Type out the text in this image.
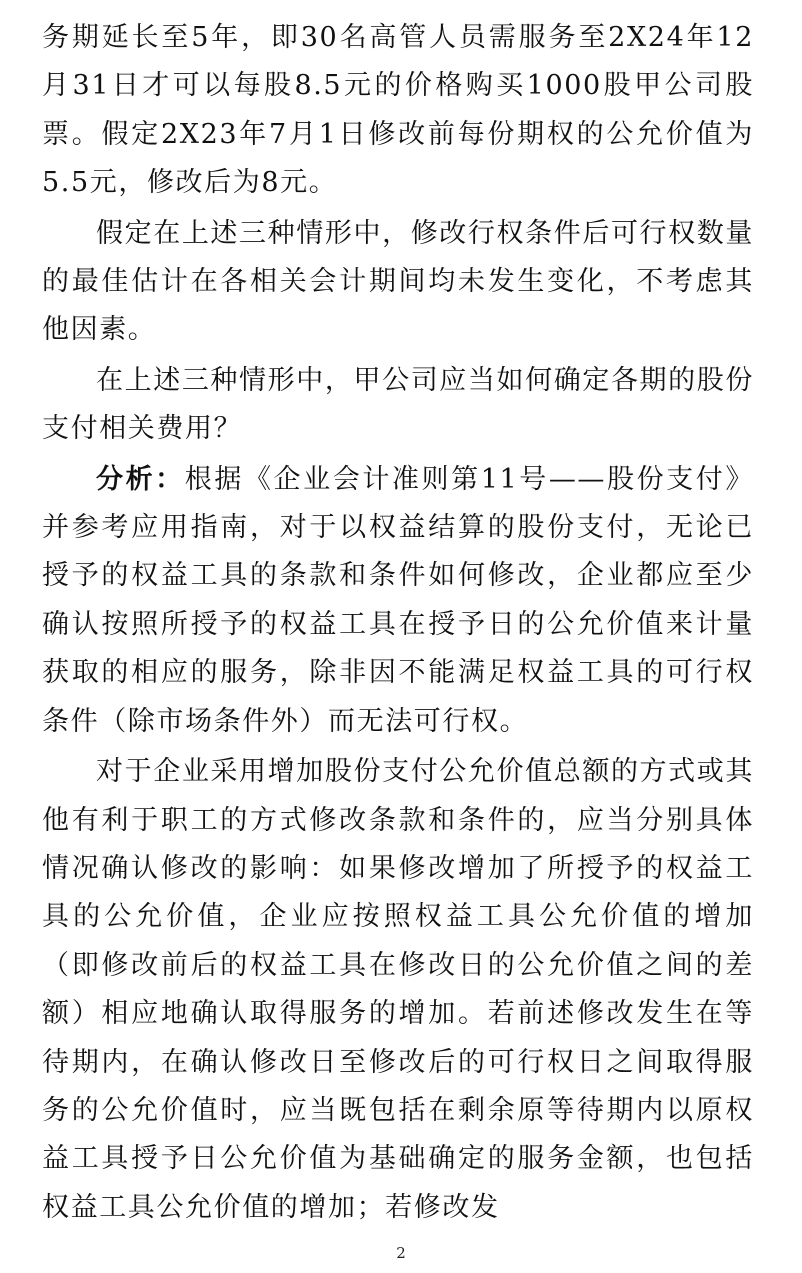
务期延长至5年，即30名高管人员需服务至2X24年12月31日才可以每股8.5元的价格购买1000股甲公司股票。假定2X23年7月1日修改前每份期权的公允价值为5.5元，修改后为8元。

假定在上述三种情形中，修改行权条件后可行权数量的最佳估计在各相关会计期间均未发生变化，不考虑其他因素。

在上述三种情形中，甲公司应当如何确定各期的股份支付相关费用？

分析：根据《企业会计准则第11号——股份支付》并参考应用指南，对于以权益结算的股份支付，无论已授予的权益工具的条款和条件如何修改，企业都应至少确认按照所授予的权益工具在授予日的公允价值来计量获取的相应的服务，除非因不能满足权益工具的可行权条件（除市场条件外）而无法可行权。

对于企业采用增加股份支付公允价值总额的方式或其他有利于职工的方式修改条款和条件的，应当分别具体情况确认修改的影响：如果修改增加了所授予的权益工具的公允价值，企业应按照权益工具公允价值的增加（即修改前后的权益工具在修改日的公允价值之间的差额）相应地确认取得服务的增加。若前述修改发生在等待期内，在确认修改日至修改后的可行权日之间取得服务的公允价值时，应当既包括在剩余原等待期内以原权益工具授予日公允价值为基础确定的服务金额，也包括权益工具公允价值的增加；若修改发

2
